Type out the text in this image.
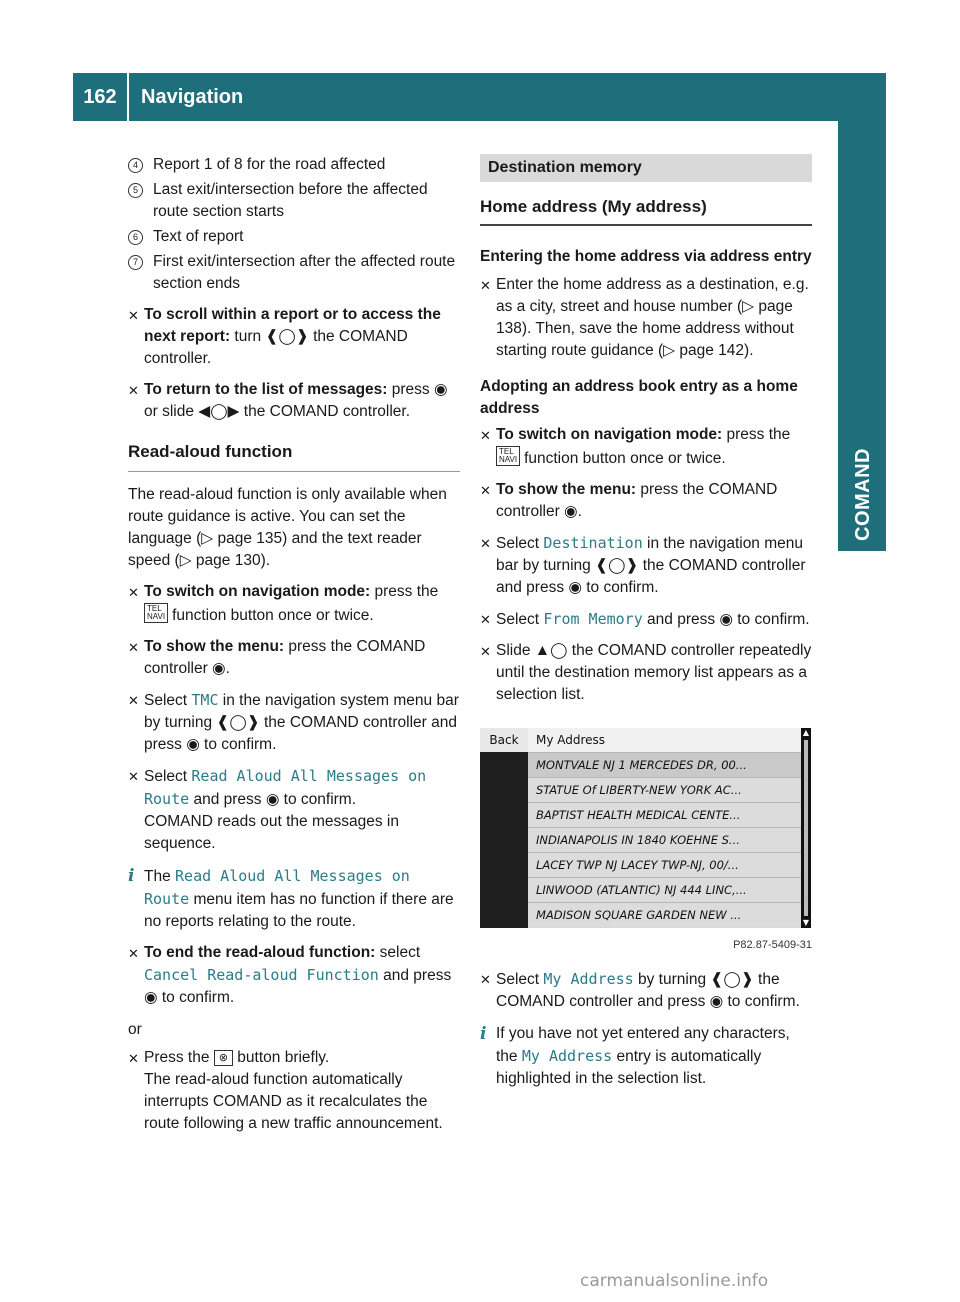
162	Navigation
COMAND
4 Report 1 of 8 for the road affected
5 Last exit/intersection before the affected route section starts
6 Text of report
7 First exit/intersection after the affected route section ends
✕ To scroll within a report or to access the next report: turn ❰◯❱ the COMAND controller.
✕ To return to the list of messages: press ◉ or slide ◀◯▶ the COMAND controller.
Read-aloud function
The read-aloud function is only available when route guidance is active. You can set the language (▷ page 135) and the text reader speed (▷ page 130).
✕ To switch on navigation mode: press the
TEL
NAVI function button once or twice.
✕ To show the menu: press the COMAND controller ◉.
✕ Select TMC in the navigation system menu bar by turning ❰◯❱ the COMAND controller and press ◉ to confirm.
✕ Select Read Aloud All Messages on Route and press ◉ to confirm.
COMAND reads out the messages in sequence.
i The Read Aloud All Messages on Route menu item has no function if there are no reports relating to the route.
✕ To end the read-aloud function: select Cancel Read-aloud Function and press ◉ to confirm.
or
✕ Press the ⊗ button briefly.
The read-aloud function automatically interrupts COMAND as it recalculates the route following a new traffic announcement.
Destination memory
Home address (My address)
Entering the home address via address entry
✕ Enter the home address as a destination, e.g. as a city, street and house number (▷ page 138). Then, save the home address without starting route guidance (▷ page 142).
Adopting an address book entry as a home address
✕ To switch on navigation mode: press the
TEL
NAVI function button once or twice.
✕ To show the menu: press the COMAND controller ◉.
✕ Select Destination in the navigation menu bar by turning ❰◯❱ the COMAND controller and press ◉ to confirm.
✕ Select From Memory and press ◉ to confirm.
✕ Slide ▲◯ the COMAND controller repeatedly until the destination memory list appears as a selection list.
Back	My Address
MONTVALE NJ 1 MERCEDES DR, 00...
STATUE Of LIBERTY-NEW YORK AC...
BAPTIST HEALTH MEDICAL CENTE...
INDIANAPOLIS IN 1840 KOEHNE S...
LACEY TWP NJ LACEY TWP-NJ, 00/...
LINWOOD (ATLANTIC) NJ 444 LINC,...
MADISON SQUARE GARDEN NEW ...
▲
▼
P82.87-5409-31
✕ Select My Address by turning ❰◯❱ the COMAND controller and press ◉ to confirm.
i If you have not yet entered any characters, the My Address entry is automatically highlighted in the selection list.
carmanualsonline.info
